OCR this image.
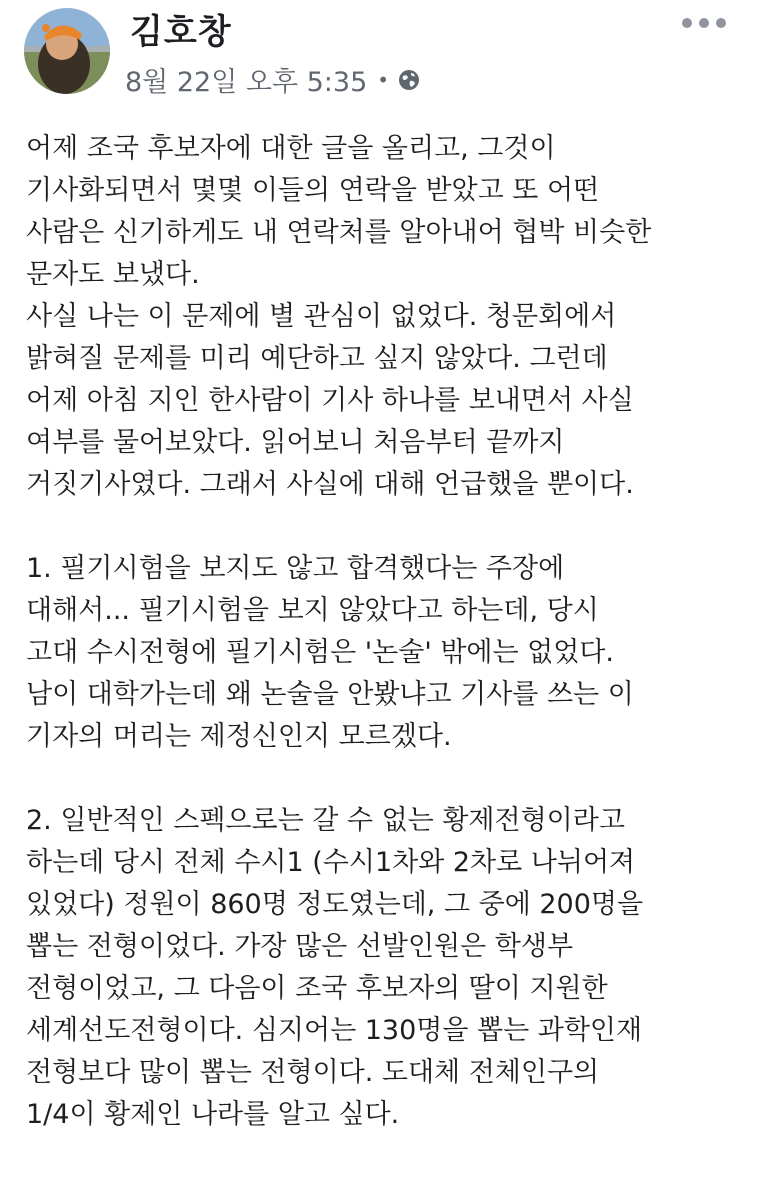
김호창
8월 22일 오후 5:35 •
어제 조국 후보자에 대한 글을 올리고, 그것이
기사화되면서 몇몇 이들의 연락을 받았고 또 어떤
사람은 신기하게도 내 연락처를 알아내어 협박 비슷한
문자도 보냈다.
사실 나는 이 문제에 별 관심이 없었다. 청문회에서
밝혀질 문제를 미리 예단하고 싶지 않았다. 그런데
어제 아침 지인 한사람이 기사 하나를 보내면서 사실
여부를 물어보았다. 읽어보니 처음부터 끝까지
거짓기사였다. 그래서 사실에 대해 언급했을 뿐이다.
1. 필기시험을 보지도 않고 합격했다는 주장에
대해서... 필기시험을 보지 않았다고 하는데, 당시
고대 수시전형에 필기시험은 '논술' 밖에는 없었다.
남이 대학가는데 왜 논술을 안봤냐고 기사를 쓰는 이
기자의 머리는 제정신인지 모르겠다.
2. 일반적인 스펙으로는 갈 수 없는 황제전형이라고
하는데 당시 전체 수시1 (수시1차와 2차로 나뉘어져
있었다) 정원이 860명 정도였는데, 그 중에 200명을
뽑는 전형이었다. 가장 많은 선발인원은 학생부
전형이었고, 그 다음이 조국 후보자의 딸이 지원한
세계선도전형이다. 심지어는 130명을 뽑는 과학인재
전형보다 많이 뽑는 전형이다. 도대체 전체인구의
1/4이 황제인 나라를 알고 싶다.
